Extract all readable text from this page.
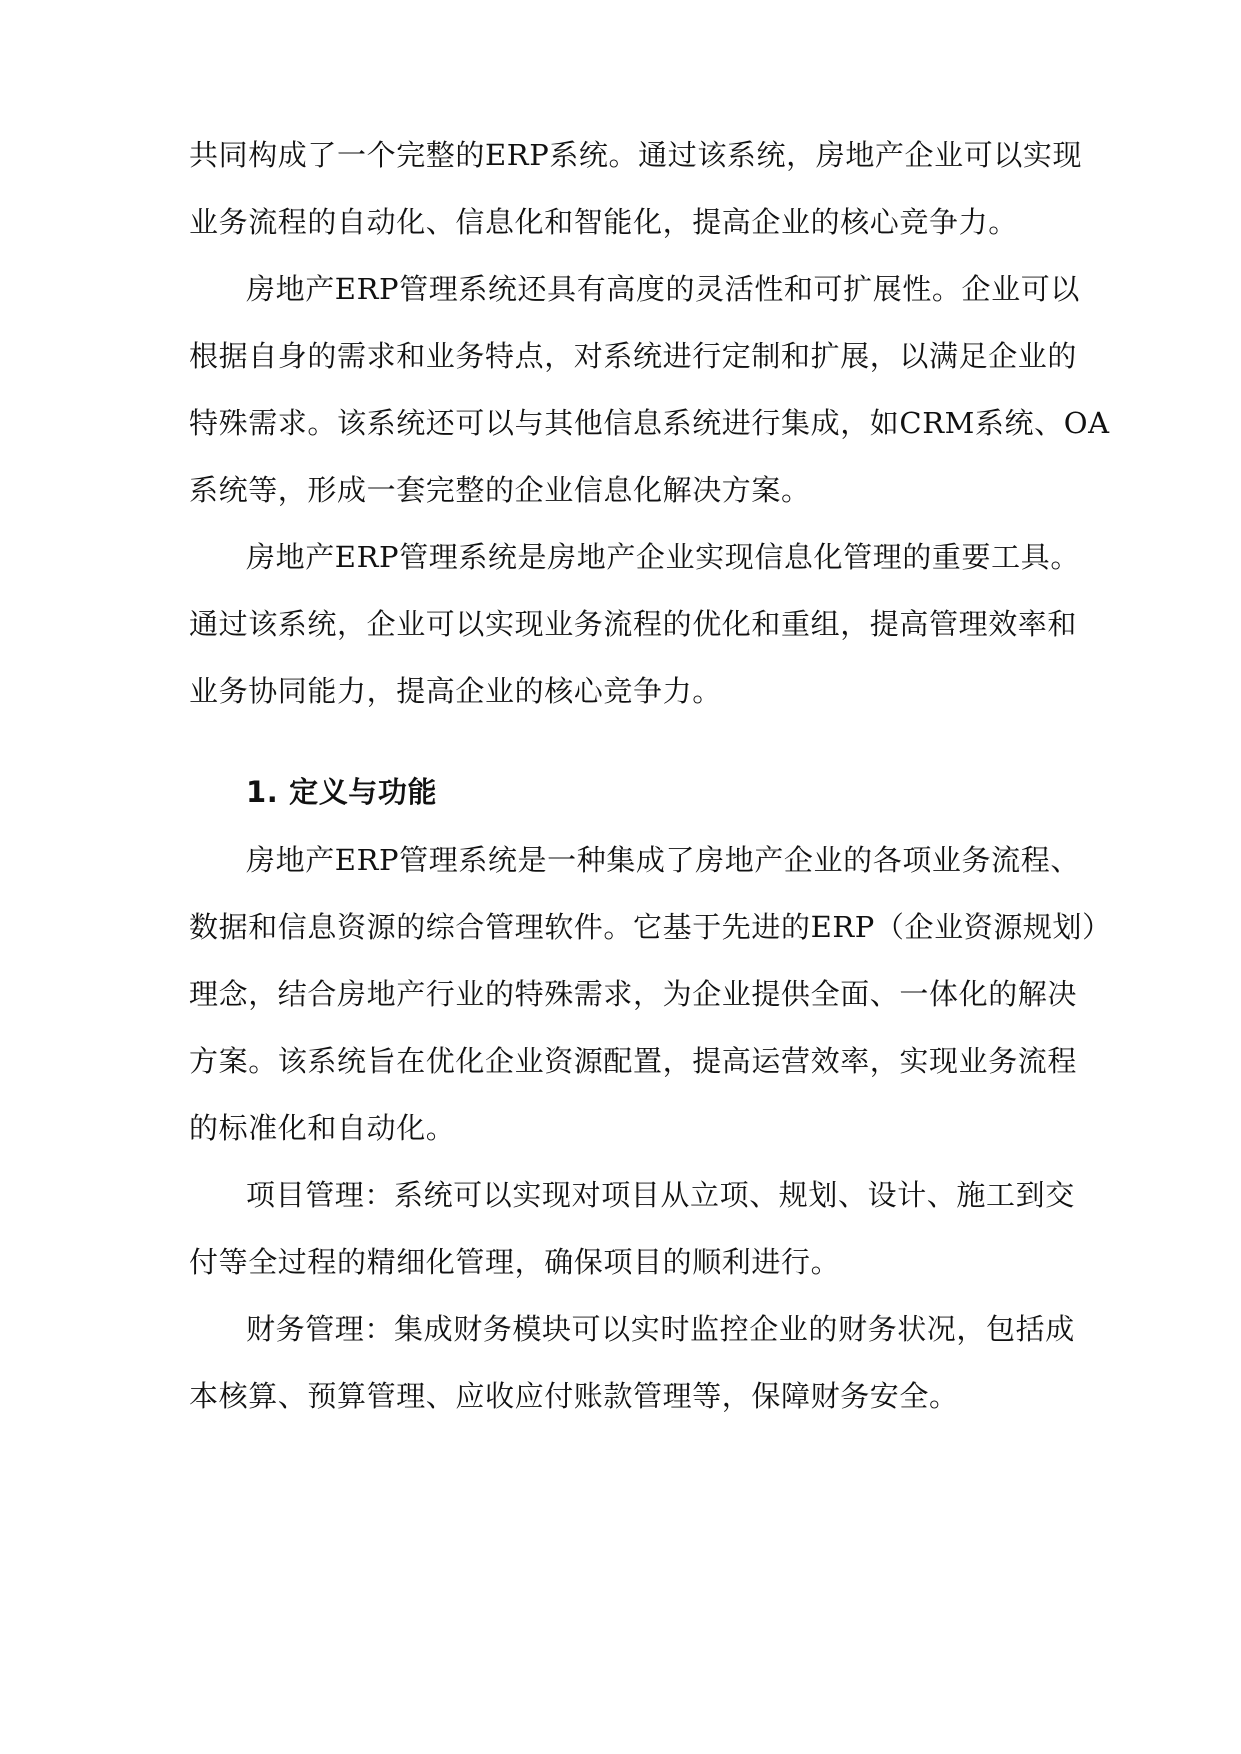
共同构成了一个完整的ERP系统。通过该系统，房地产企业可以实现
业务流程的自动化、信息化和智能化，提高企业的核心竞争力。
房地产ERP管理系统还具有高度的灵活性和可扩展性。企业可以
根据自身的需求和业务特点，对系统进行定制和扩展，以满足企业的
特殊需求。该系统还可以与其他信息系统进行集成，如CRM系统、OA
系统等，形成一套完整的企业信息化解决方案。
房地产ERP管理系统是房地产企业实现信息化管理的重要工具。
通过该系统，企业可以实现业务流程的优化和重组，提高管理效率和
业务协同能力，提高企业的核心竞争力。
1. 定义与功能
房地产ERP管理系统是一种集成了房地产企业的各项业务流程、
数据和信息资源的综合管理软件。它基于先进的ERP（企业资源规划）
理念，结合房地产行业的特殊需求，为企业提供全面、一体化的解决
方案。该系统旨在优化企业资源配置，提高运营效率，实现业务流程
的标准化和自动化。
项目管理：系统可以实现对项目从立项、规划、设计、施工到交
付等全过程的精细化管理，确保项目的顺利进行。
财务管理：集成财务模块可以实时监控企业的财务状况，包括成
本核算、预算管理、应收应付账款管理等，保障财务安全。
